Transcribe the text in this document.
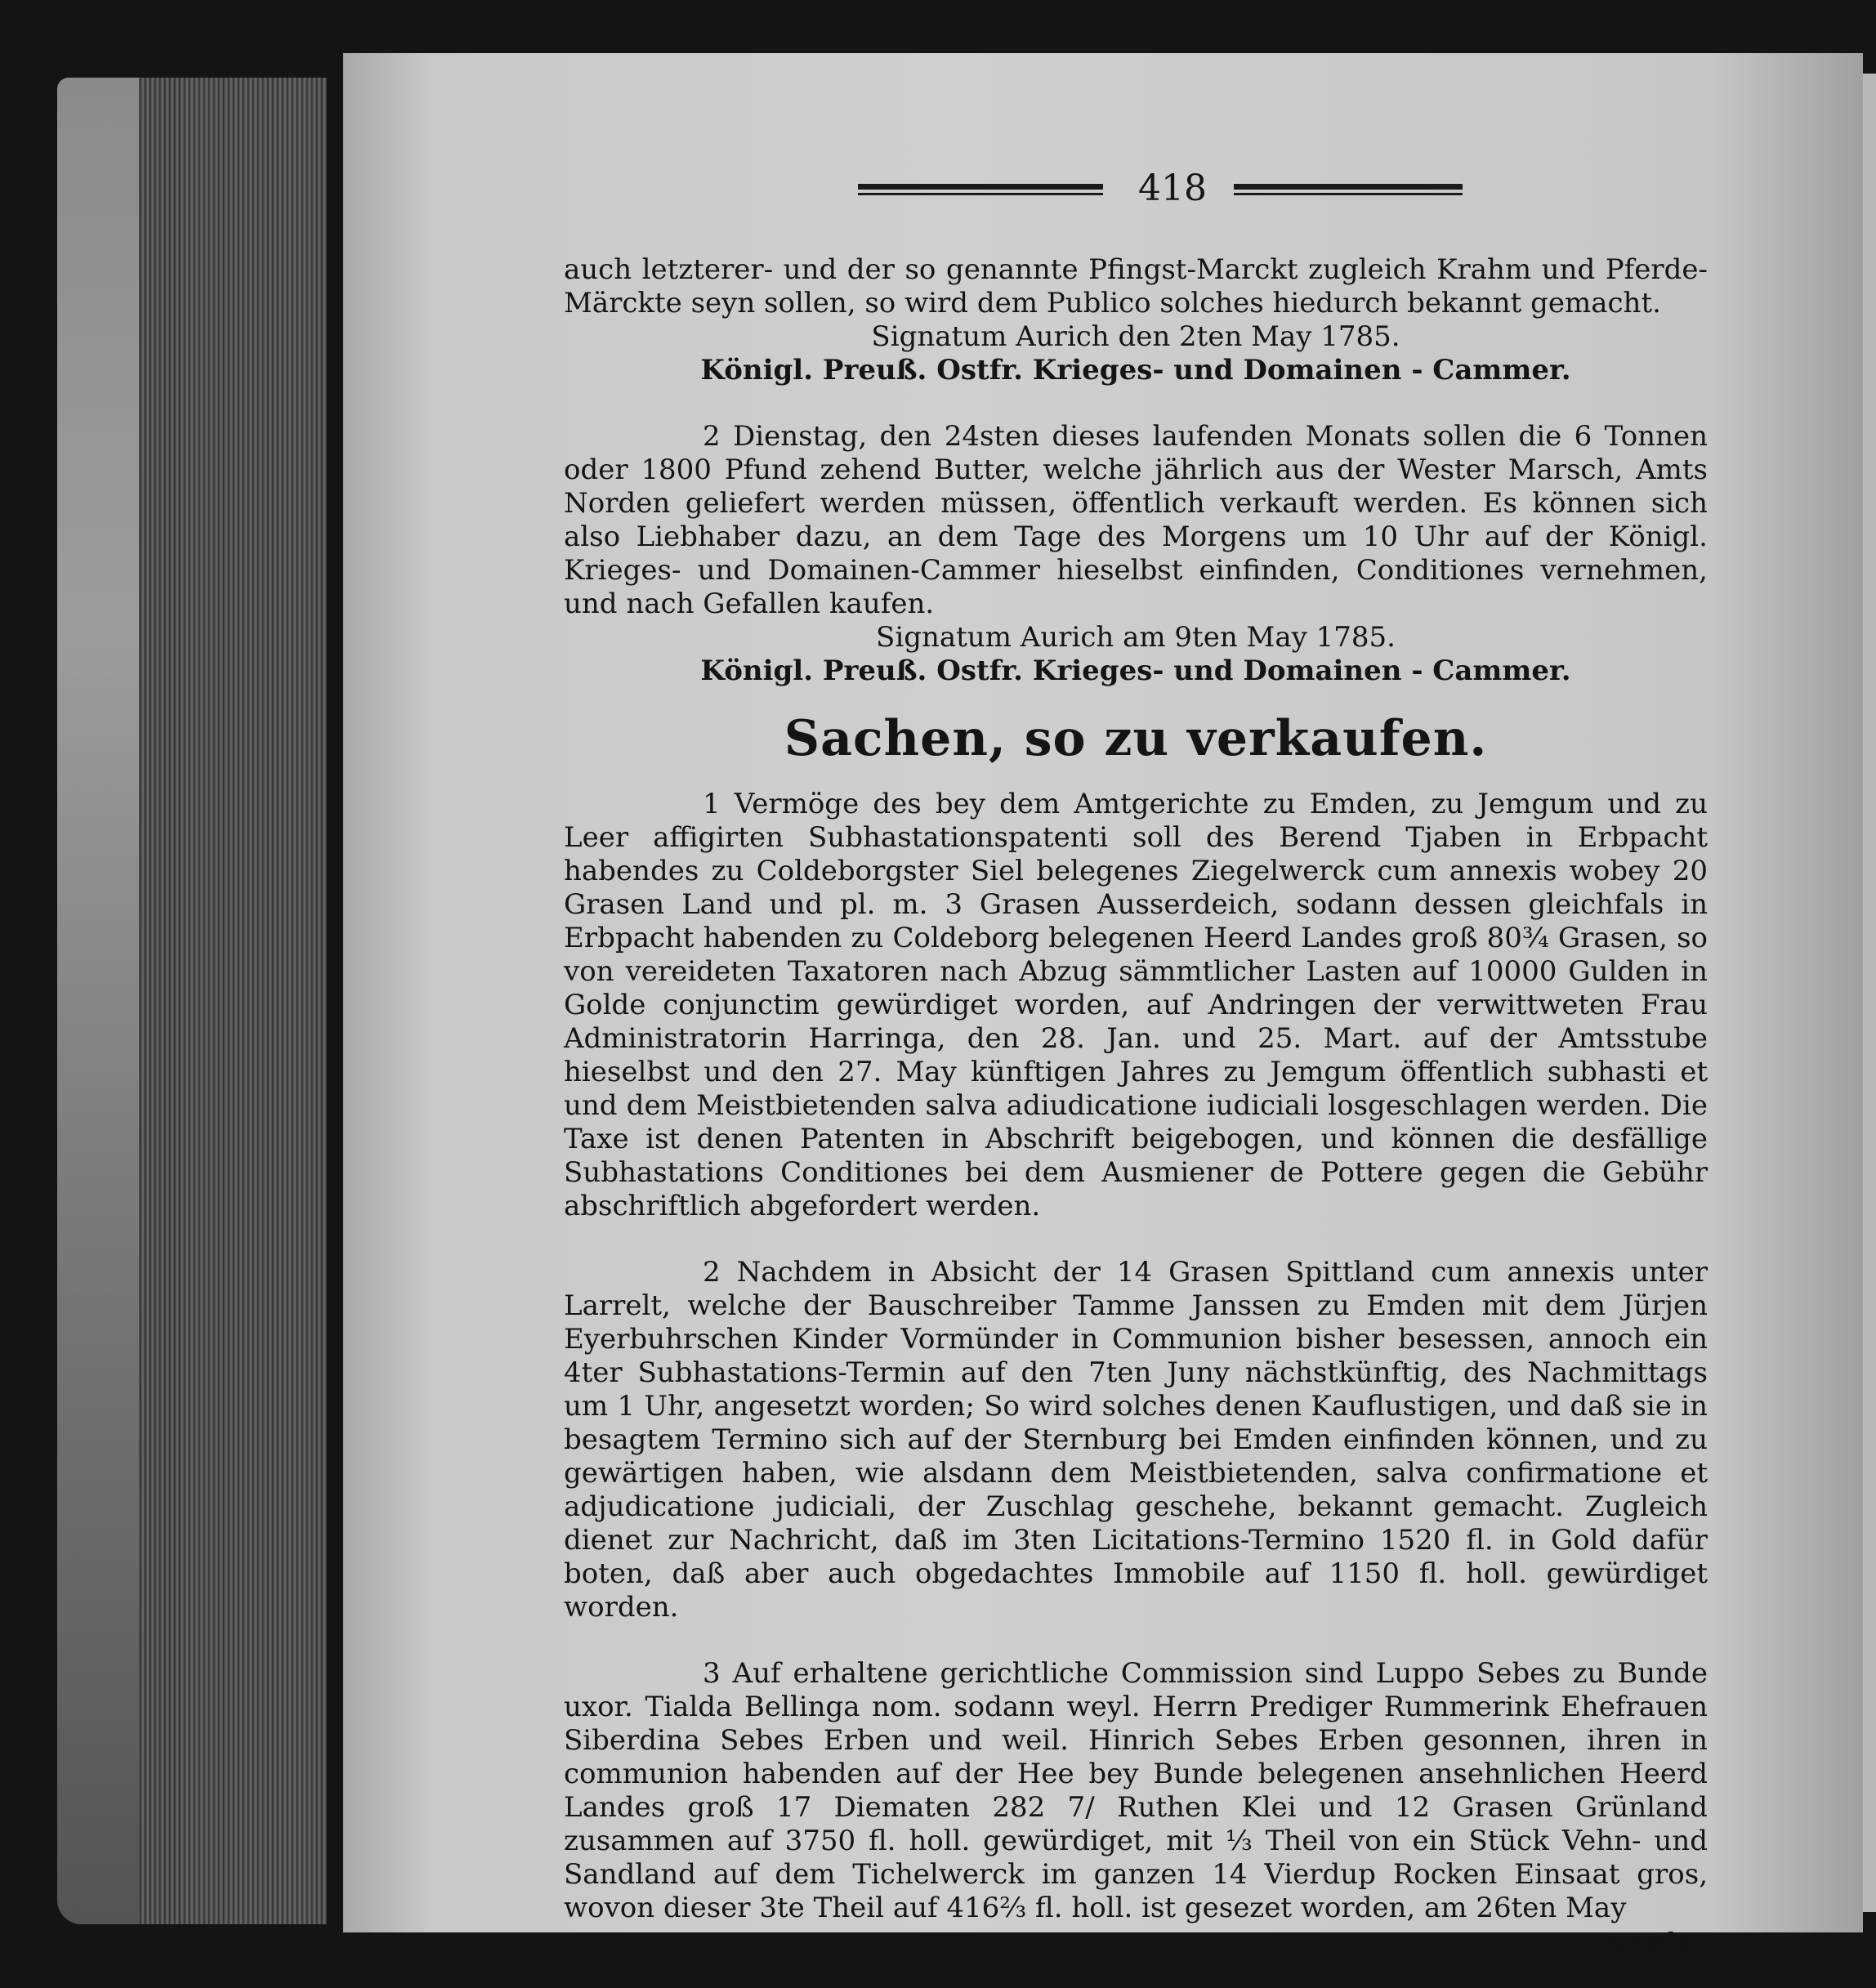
418

auch letzterer- und der so genannte Pfingst-Marckt zugleich Krahm und Pferde-Märckte seyn sollen, so wird dem Publico solches hiedurch bekannt gemacht.

Signatum Aurich den 2ten May 1785.

Königl. Preuß. Ostfr. Krieges- und Domainen - Cammer.

2 Dienstag, den 24sten dieses laufenden Monats sollen die 6 Tonnen oder 1800 Pfund zehend Butter, welche jährlich aus der Wester Marsch, Amts Norden geliefert werden müssen, öffentlich verkauft werden. Es können sich also Liebhaber dazu, an dem Tage des Morgens um 10 Uhr auf der Königl. Krieges- und Domainen-Cammer hieselbst einfinden, Conditiones vernehmen, und nach Gefallen kaufen.

Signatum Aurich am 9ten May 1785.

Königl. Preuß. Ostfr. Krieges- und Domainen - Cammer.

Sachen, so zu verkaufen.

1 Vermöge des bey dem Amtgerichte zu Emden, zu Jemgum und zu Leer affigirten Subhastationspatenti soll des Berend Tjaben in Erbpacht habendes zu Coldeborgster Siel belegenes Ziegelwerck cum annexis wobey 20 Grasen Land und pl. m. 3 Grasen Ausserdeich, sodann dessen gleichfals in Erbpacht habenden zu Coldeborg belegenen Heerd Landes groß 80¾ Grasen, so von vereideten Taxatoren nach Abzug sämmtlicher Lasten auf 10000 Gulden in Golde conjunctim gewürdiget worden, auf Andringen der verwittweten Frau Administratorin Harringa, den 28. Jan. und 25. Mart. auf der Amtsstube hieselbst und den 27. May künftigen Jahres zu Jemgum öffentlich subhasti et und dem Meistbietenden salva adiudicatione iudiciali losgeschlagen werden. Die Taxe ist denen Patenten in Abschrift beigebogen, und können die desfällige Subhastations Conditiones bei dem Ausmiener de Pottere gegen die Gebühr abschriftlich abgefordert werden.

2 Nachdem in Absicht der 14 Grasen Spittland cum annexis unter Larrelt, welche der Bauschreiber Tamme Janssen zu Emden mit dem Jürjen Eyerbuhrschen Kinder Vormünder in Communion bisher besessen, annoch ein 4ter Subhastations-Termin auf den 7ten Juny nächstkünftig, des Nachmittags um 1 Uhr, angesetzt worden; So wird solches denen Kauflustigen, und daß sie in besagtem Termino sich auf der Sternburg bei Emden einfinden können, und zu gewärtigen haben, wie alsdann dem Meistbietenden, salva confirmatione et adjudicatione judiciali, der Zuschlag geschehe, bekannt gemacht. Zugleich dienet zur Nachricht, daß im 3ten Licitations-Termino 1520 fl. in Gold dafür boten, daß aber auch obgedachtes Immobile auf 1150 fl. holl. gewürdiget worden.

3 Auf erhaltene gerichtliche Commission sind Luppo Sebes zu Bunde uxor. Tialda Bellinga nom. sodann weyl. Herrn Prediger Rummerink Ehefrauen Siberdina Sebes Erben und weil. Hinrich Sebes Erben gesonnen, ihren in communion habenden auf der Hee bey Bunde belegenen ansehnlichen Heerd Landes groß 17 Diematen 282 7/ Ruthen Klei und 12 Grasen Grünland zusammen auf 3750 fl. holl. gewürdiget, mit ⅓ Theil von ein Stück Vehn- und Sandland auf dem Tichelwerck im ganzen 14 Vierdup Rocken Einsaat gros, wovon dieser 3te Theil auf 416⅔ fl. holl. ist gesezet worden, am 26ten May

anste-
